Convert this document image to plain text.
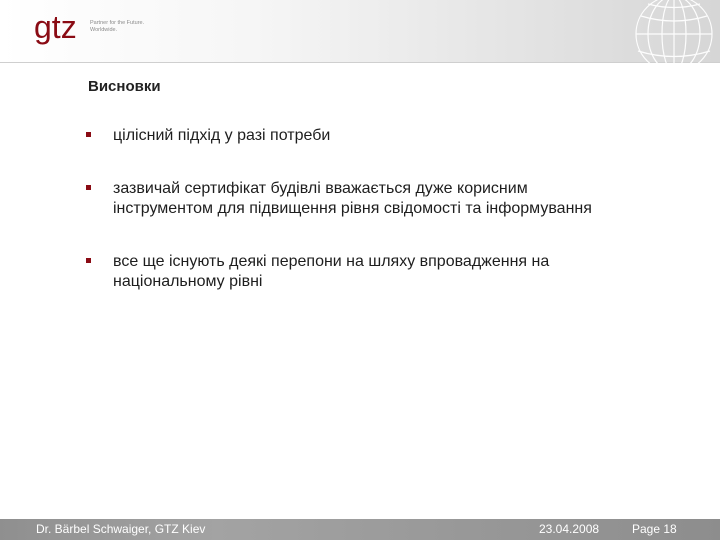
gtz Partner for the Future.
Worldwide.
Висновки
цілісний підхід у разі потреби
зазвичай сертифікат будівлі вважається дуже корисним інструментом для підвищення рівня свідомості та інформування
все ще існують деякі перепони на шляху впровадження на національному рівні
Dr. Bärbel Schwaiger, GTZ Kiev	23.04.2008	Page 18
